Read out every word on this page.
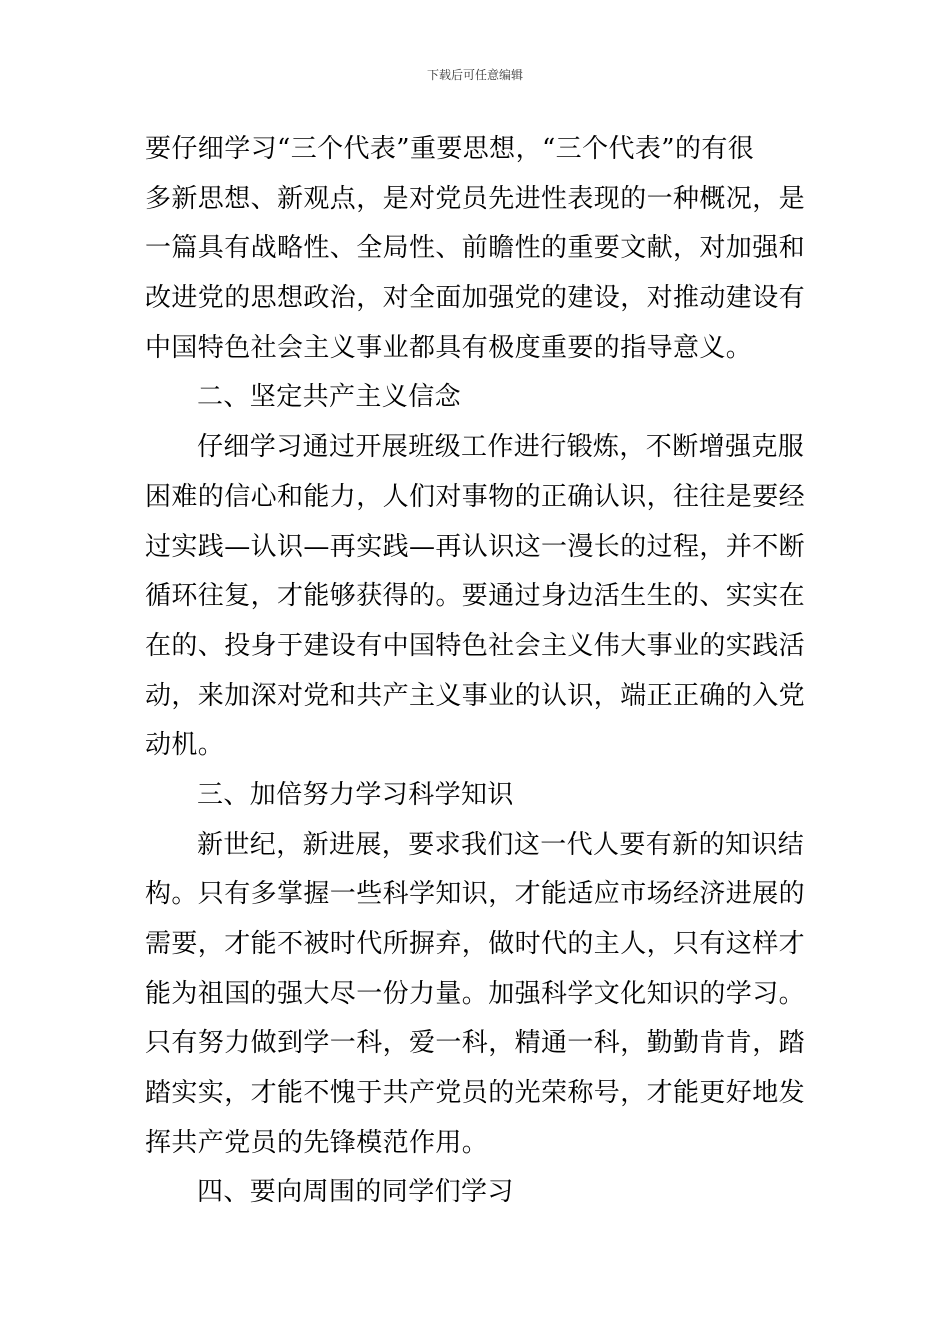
下载后可任意编辑
要仔细学习“三个代表”重要思想，“三个代表”的有很
多新思想、新观点，是对党员先进性表现的一种概况，是
一篇具有战略性、全局性、前瞻性的重要文献，对加强和
改进党的思想政治，对全面加强党的建设，对推动建设有
中国特色社会主义事业都具有极度重要的指导意义。
二、坚定共产主义信念
仔细学习通过开展班级工作进行锻炼，不断增强克服
困难的信心和能力，人们对事物的正确认识，往往是要经
过实践—认识—再实践—再认识这一漫长的过程，并不断
循环往复，才能够获得的。要通过身边活生生的、实实在
在的、投身于建设有中国特色社会主义伟大事业的实践活
动，来加深对党和共产主义事业的认识，端正正确的入党
动机。
三、加倍努力学习科学知识
新世纪，新进展，要求我们这一代人要有新的知识结
构。只有多掌握一些科学知识，才能适应市场经济进展的
需要，才能不被时代所摒弃，做时代的主人，只有这样才
能为祖国的强大尽一份力量。加强科学文化知识的学习。
只有努力做到学一科，爱一科，精通一科，勤勤肯肯，踏
踏实实，才能不愧于共产党员的光荣称号，才能更好地发
挥共产党员的先锋模范作用。
四、要向周围的同学们学习
